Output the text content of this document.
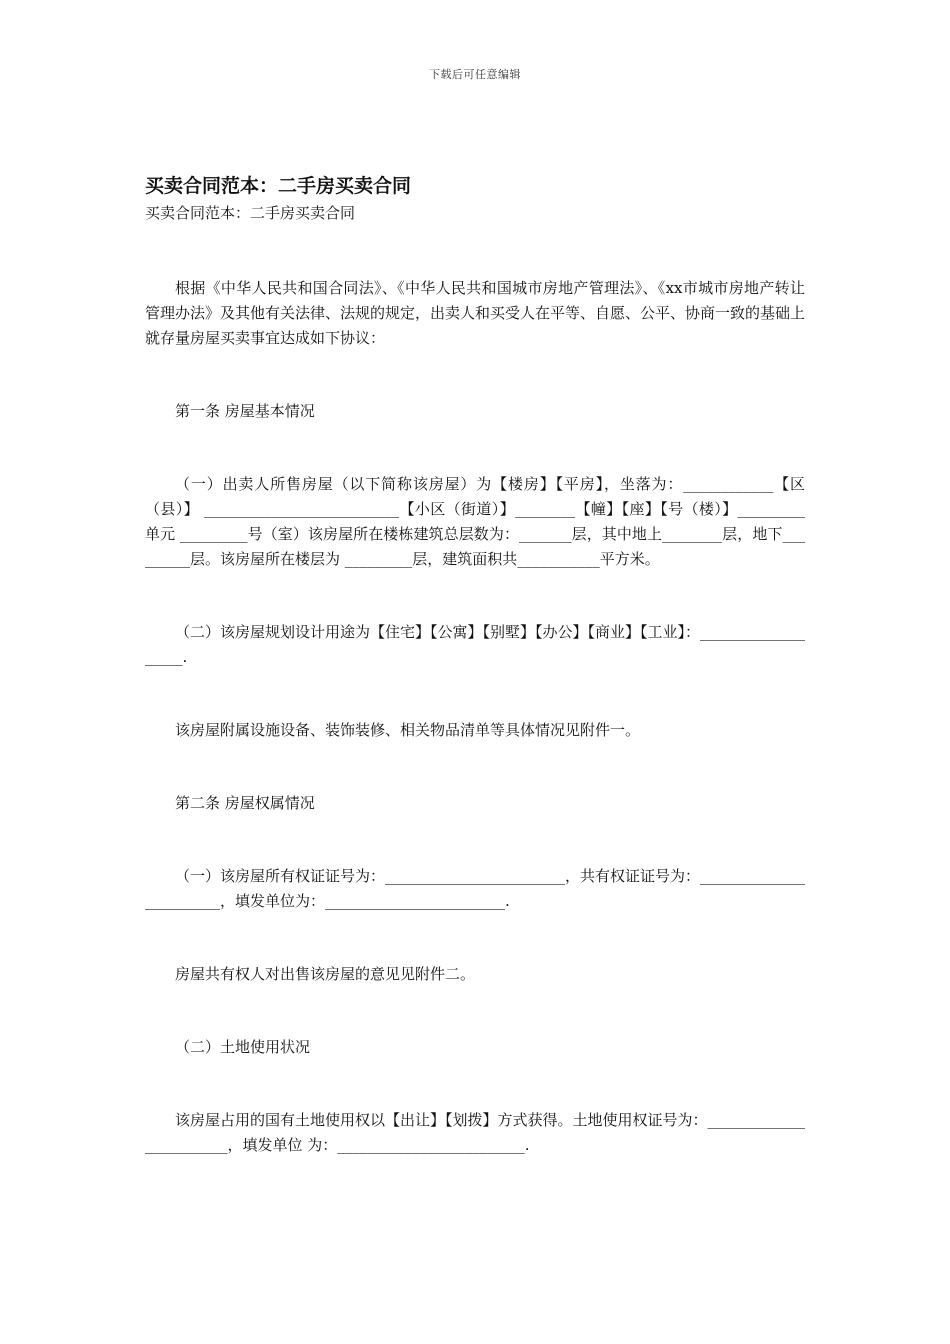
下载后可任意编辑
买卖合同范本：二手房买卖合同

买卖合同范本：二手房买卖合同

根据《中华人民共和国合同法》、《中华人民共和国城市房地产管理法》、《xx市城市房地产转让管理办法》及其他有关法律、法规的规定，出卖人和买受人在平等、自愿、公平、协商一致的基础上就存量房屋买卖事宜达成如下协议：

第一条 房屋基本情况

（一）出卖人所售房屋（以下简称该房屋）为【楼房】【平房】，坐落为：____________【区（县）】 __________________________【小区（街道）】________【幢】【座】【号（楼）】_________单元 _________号（室）该房屋所在楼栋建筑总层数为：_______层，其中地上________层，地下_________层。该房屋所在楼层为 _________层，建筑面积共___________平方米。

（二）该房屋规划设计用途为【住宅】【公寓】【别墅】【办公】【商业】【工业】：___________________.

该房屋附属设施设备、装饰装修、相关物品清单等具体情况见附件一。

第二条 房屋权属情况

（一）该房屋所有权证证号为：________________________，共有权证证号为：________________________，填发单位为：________________________.

房屋共有权人对出售该房屋的意见见附件二。

（二）土地使用状况

该房屋占用的国有土地使用权以【出让】【划拨】方式获得。土地使用权证号为：________________________，填发单位 为：_________________________.
